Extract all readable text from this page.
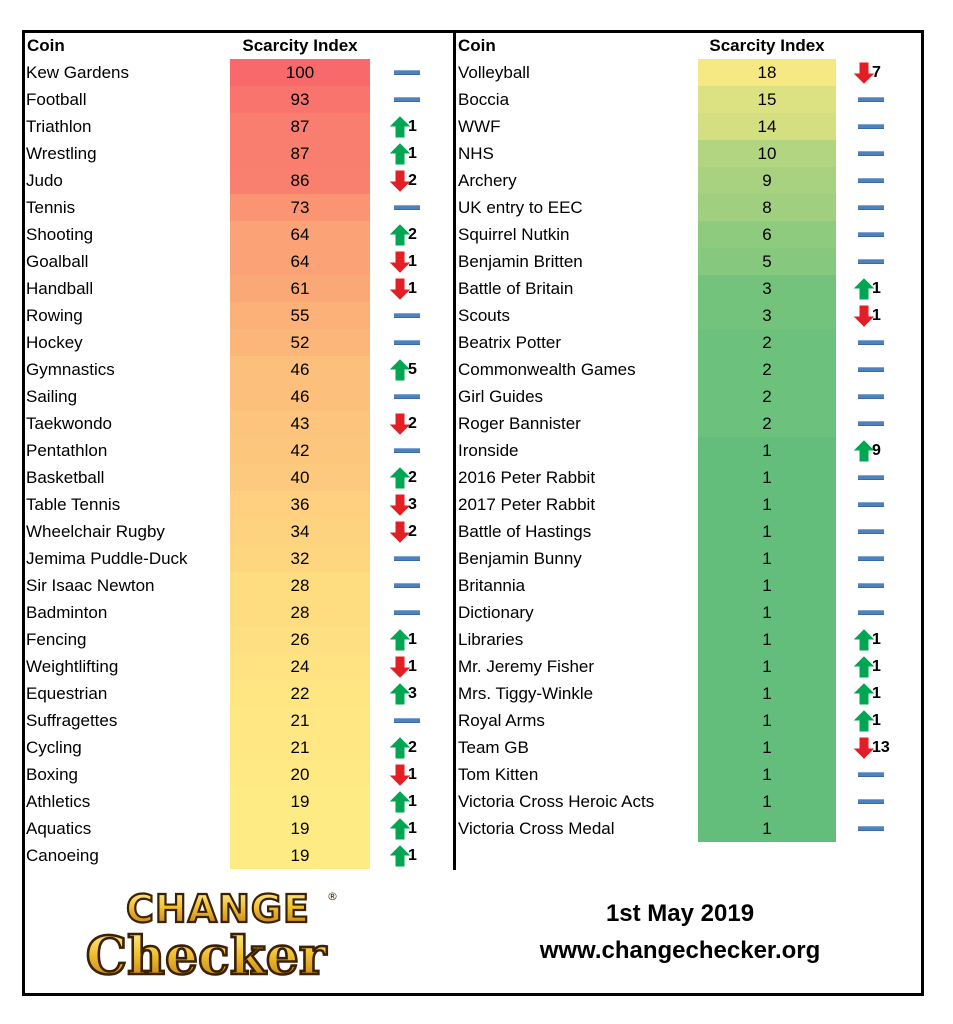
Coin	Scarcity Index	Coin	Scarcity Index
Kew Gardens	100
Football	93
Triathlon	87	1
Wrestling	87	1
Judo	86	2
Tennis	73
Shooting	64	2
Goalball	64	1
Handball	61	1
Rowing	55
Hockey	52
Gymnastics	46	5
Sailing	46
Taekwondo	43	2
Pentathlon	42
Basketball	40	2
Table Tennis	36	3
Wheelchair Rugby	34	2
Jemima Puddle-Duck	32
Sir Isaac Newton	28
Badminton	28
Fencing	26	1
Weightlifting	24	1
Equestrian	22	3
Suffragettes	21
Cycling	21	2
Boxing	20	1
Athletics	19	1
Aquatics	19	1
Canoeing	19	1
Volleyball	18	7
Boccia	15
WWF	14
NHS	10
Archery	9
UK entry to EEC	8
Squirrel Nutkin	6
Benjamin Britten	5
Battle of Britain	3	1
Scouts	3	1
Beatrix Potter	2
Commonwealth Games	2
Girl Guides	2
Roger Bannister	2
Ironside	1	9
2016 Peter Rabbit	1
2017 Peter Rabbit	1
Battle of Hastings	1
Benjamin Bunny	1
Britannia	1
Dictionary	1
Libraries	1	1
Mr. Jeremy Fisher	1	1
Mrs. Tiggy-Winkle	1	1
Royal Arms	1	1
Team GB	1	13
Tom Kitten	1
Victoria Cross Heroic Acts	1
Victoria Cross Medal	1
CHANGE ®
Checker
1st May 2019
www.changechecker.org
